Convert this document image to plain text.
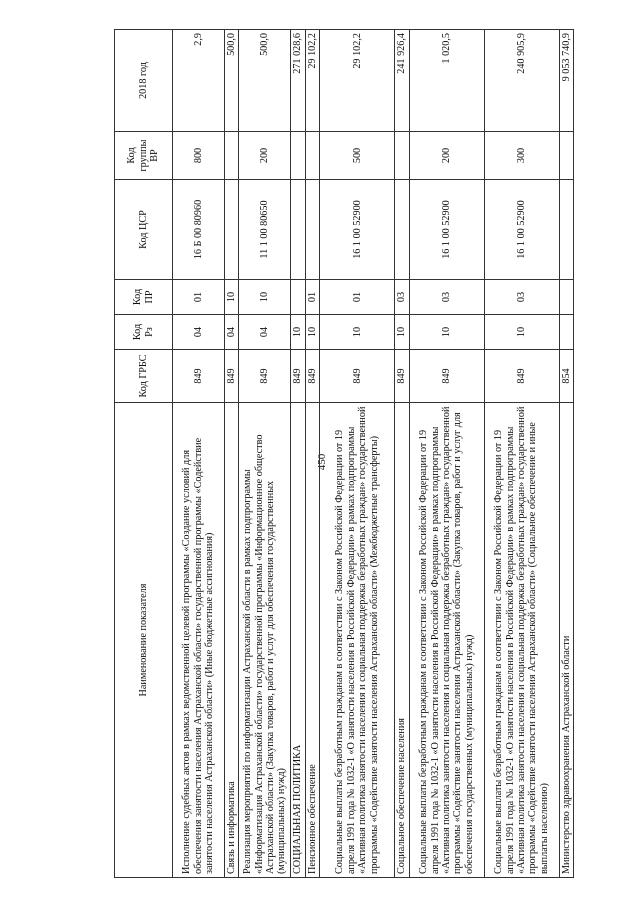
450
Наименование показателя	Код ГРБС	Код Рз	Код ПР	Код ЦСР	Код группы ВР	2018 год
Исполнение судебных актов в рамках ведомственной целевой программы «Создание условий для обеспечения занятости населения Астраханской области» государственной программы «Содействие занятости населения Астраханской области» (Иные бюджетные ассигнования)	849	04	01	16 Б 00 80960	800	2,9
Связь и информатика	849	04	10			500,0
Реализация мероприятий по информатизации Астраханской области в рамках подпрограммы «Информатизация Астраханской области» государственной программы «Информационное общество Астраханской области» (Закупка товаров, работ и услуг для обеспечения государственных (муниципальных) нужд)	849	04	10	11 1 00 80650	200	500,0
СОЦИАЛЬНАЯ ПОЛИТИКА	849	10				271 028,6
Пенсионное обеспечение	849	10	01			29 102,2
Социальные выплаты безработным гражданам в соответствии с Законом Российской Федерации от 19 апреля 1991 года № 1032-1 «О занятости населения в Российской Федерации» в рамках подпрограммы «Активная политика занятости населения и социальная поддержка безработных граждан» государственной программы «Содействие занятости населения Астраханской области» (Межбюджетные трансферты)	849	10	01	16 1 00 52900	500	29 102,2
Социальное обеспечение населения	849	10	03			241 926,4
Социальные выплаты безработным гражданам в соответствии с Законом Российской Федерации от 19 апреля 1991 года № 1032-1 «О занятости населения в Российской Федерации» в рамках подпрограммы «Активная политика занятости населения и социальная поддержка безработных граждан» государственной программы «Содействие занятости населения Астраханской области» (Закупка товаров, работ и услуг для обеспечения государственных (муниципальных) нужд)	849	10	03	16 1 00 52900	200	1 020,5
Социальные выплаты безработным гражданам в соответствии с Законом Российской Федерации от 19 апреля 1991 года № 1032-1 «О занятости населения в Российской Федерации» в рамках подпрограммы «Активная политика занятости населения и социальная поддержка безработных граждан» государственной программы «Содействие занятости населения Астраханской области» (Социальное обеспечение и иные выплаты населению)	849	10	03	16 1 00 52900	300	240 905,9
Министерство здравоохранения Астраханской области	854					9 053 740,9
